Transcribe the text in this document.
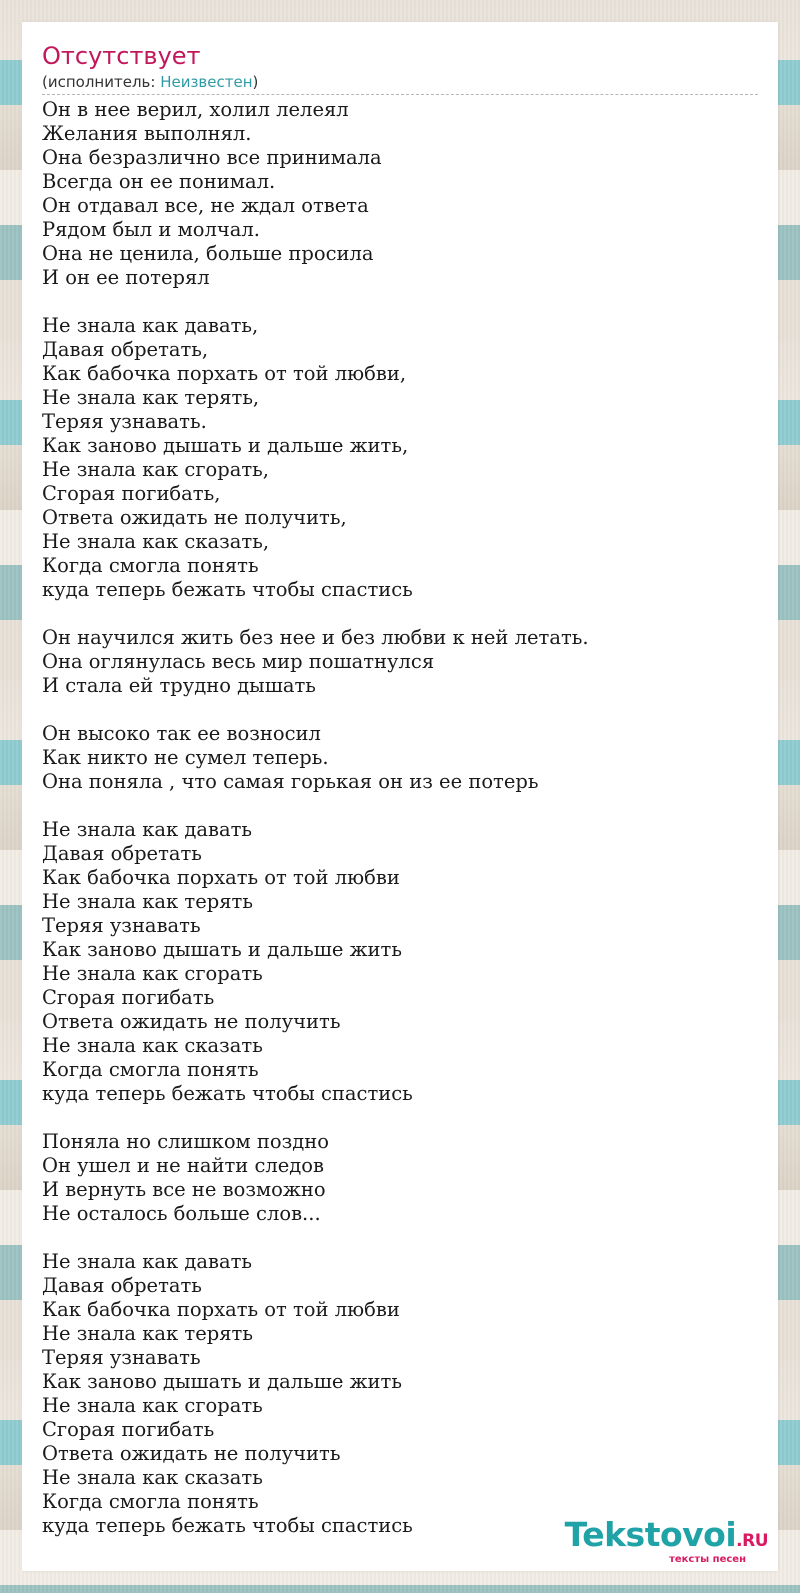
Отсутствует
(исполнитель: Неизвестен)
Он в нее верил, холил лелеял
Желания выполнял.
Она безразлично все принимала
Всегда он ее понимал.
Он отдавал все, не ждал ответа
Рядом был и молчал.
Она не ценила, больше просила
И он ее потерял
Не знала как давать,
Давая обретать,
Как бабочка порхать от той любви,
Не знала как терять,
Теряя узнавать.
Как заново дышать и дальше жить,
Не знала как сгорать,
Сгорая погибать,
Ответа ожидать не получить,
Не знала как сказать,
Когда смогла понять
куда теперь бежать чтобы спастись
Он научился жить без нее и без любви к ней летать.
Она оглянулась весь мир пошатнулся
И стала ей трудно дышать
Он высоко так ее возносил
Как никто не сумел теперь.
Она поняла , что самая горькая он из ее потерь
Не знала как давать
Давая обретать
Как бабочка порхать от той любви
Не знала как терять
Теряя узнавать
Как заново дышать и дальше жить
Не знала как сгорать
Сгорая погибать
Ответа ожидать не получить
Не знала как сказать
Когда смогла понять
куда теперь бежать чтобы спастись
Поняла но слишком поздно
Он ушел и не найти следов
И вернуть все не возможно
Не осталось больше слов...
Не знала как давать
Давая обретать
Как бабочка порхать от той любви
Не знала как терять
Теряя узнавать
Как заново дышать и дальше жить
Не знала как сгорать
Сгорая погибать
Ответа ожидать не получить
Не знала как сказать
Когда смогла понять
куда теперь бежать чтобы спастись	Tekstovoi.RU
тексты песен
